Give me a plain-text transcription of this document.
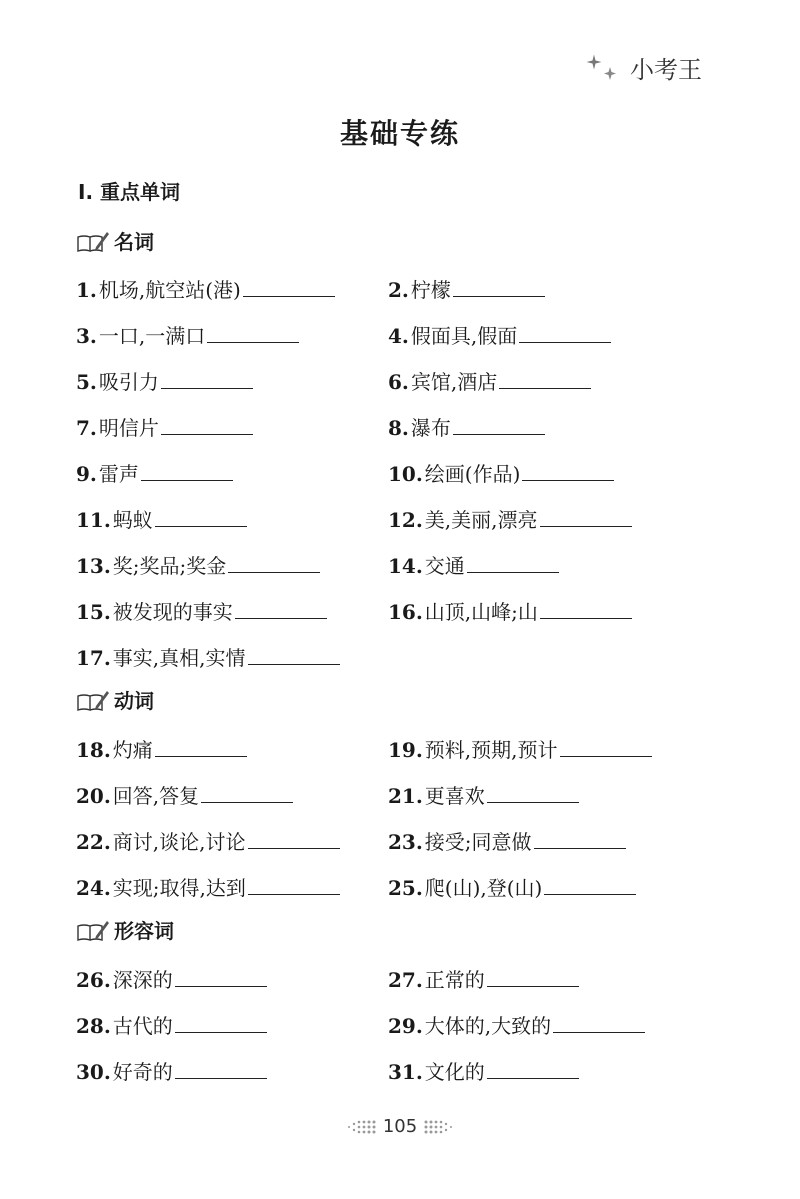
小考王
基础专练
Ⅰ. 重点单词
名词
动词
形容词
1. 机场,航空站(港)	2. 柠檬
3. 一口,一满口	4. 假面具,假面
5. 吸引力	6. 宾馆,酒店
7. 明信片	8. 瀑布
9. 雷声	10. 绘画(作品)
11. 蚂蚁	12. 美,美丽,漂亮
13. 奖;奖品;奖金	14. 交通
15. 被发现的事实	16. 山顶,山峰;山
17. 事实,真相,实情
18. 灼痛	19. 预料,预期,预计
20. 回答,答复	21. 更喜欢
22. 商讨,谈论,讨论	23. 接受;同意做
24. 实现;取得,达到	25. 爬(山),登(山)
26. 深深的	27. 正常的
28. 古代的	29. 大体的,大致的
30. 好奇的	31. 文化的
105
